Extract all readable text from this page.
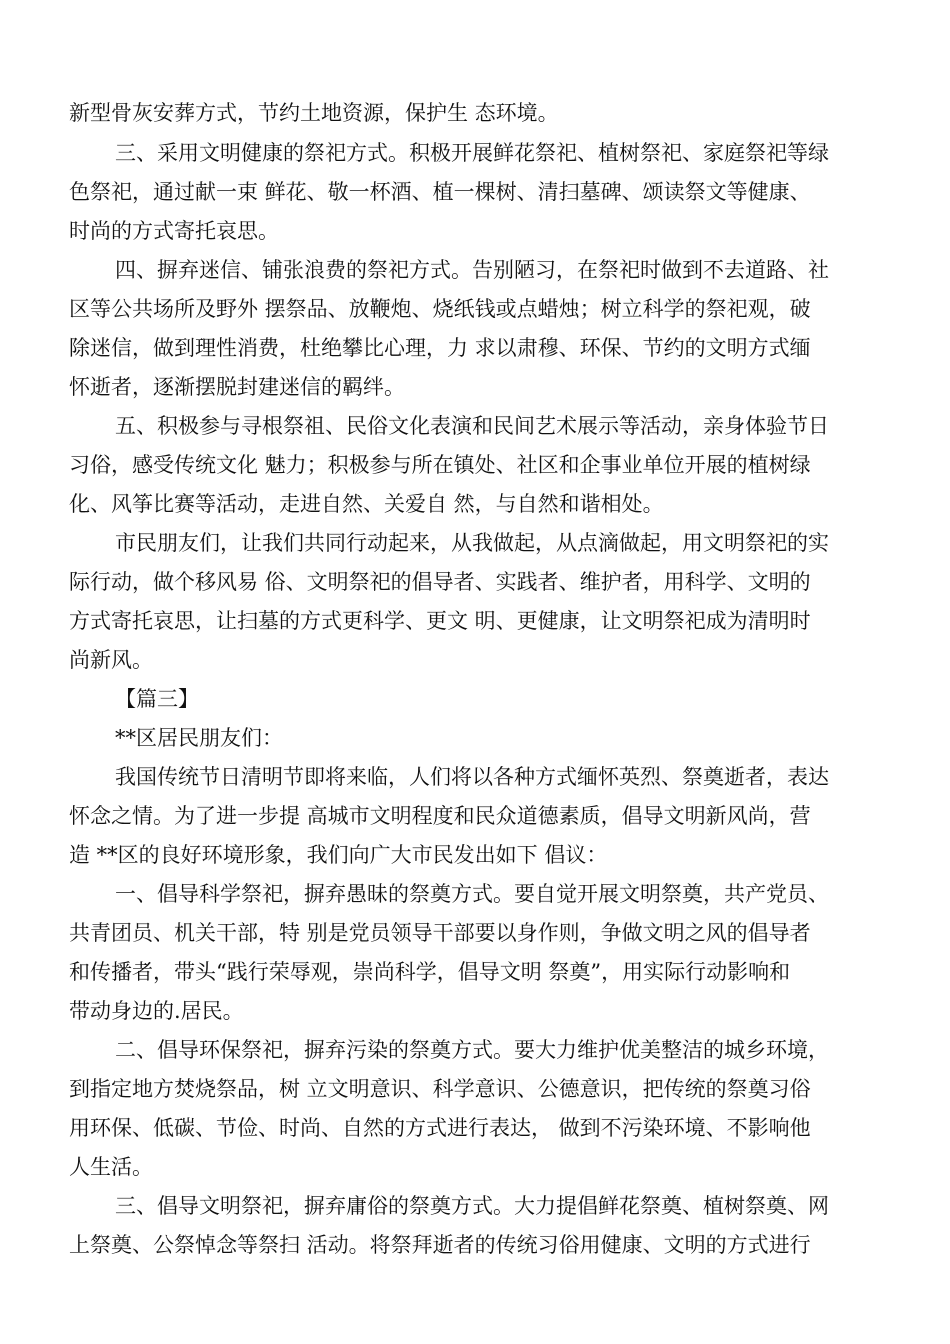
新型骨灰安葬方式，节约土地资源，保护生 态环境。

三、采用文明健康的祭祀方式。积极开展鲜花祭祀、植树祭祀、家庭祭祀等绿

色祭祀，通过献一束 鲜花、敬一杯酒、植一棵树、清扫墓碑、颂读祭文等健康、

时尚的方式寄托哀思。

四、摒弃迷信、铺张浪费的祭祀方式。告别陋习，在祭祀时做到不去道路、社

区等公共场所及野外 摆祭品、放鞭炮、烧纸钱或点蜡烛；树立科学的祭祀观，破

除迷信，做到理性消费，杜绝攀比心理，力 求以肃穆、环保、节约的文明方式缅

怀逝者，逐渐摆脱封建迷信的羁绊。

五、积极参与寻根祭祖、民俗文化表演和民间艺术展示等活动，亲身体验节日

习俗，感受传统文化 魅力；积极参与所在镇处、社区和企事业单位开展的植树绿

化、风筝比赛等活动，走进自然、关爱自 然，与自然和谐相处。

市民朋友们，让我们共同行动起来，从我做起，从点滴做起，用文明祭祀的实

际行动，做个移风易 俗、文明祭祀的倡导者、实践者、维护者，用科学、文明的

方式寄托哀思，让扫墓的方式更科学、更文 明、更健康，让文明祭祀成为清明时

尚新风。

【篇三】

**区居民朋友们：

我国传统节日清明节即将来临，人们将以各种方式缅怀英烈、祭奠逝者，表达

怀念之情。为了进一步提 高城市文明程度和民众道德素质，倡导文明新风尚，营

造 **区的良好环境形象，我们向广大市民发出如下 倡议：

一、倡导科学祭祀，摒弃愚昧的祭奠方式。要自觉开展文明祭奠，共产党员、

共青团员、机关干部，特 别是党员领导干部要以身作则，争做文明之风的倡导者

和传播者，带头“践行荣辱观，崇尚科学，倡导文明 祭奠”，用实际行动影响和

带动身边的.居民。

二、倡导环保祭祀，摒弃污染的祭奠方式。要大力维护优美整洁的城乡环境，

到指定地方焚烧祭品，树 立文明意识、科学意识、公德意识，把传统的祭奠习俗

用环保、低碳、节俭、时尚、自然的方式进行表达， 做到不污染环境、不影响他

人生活。

三、倡导文明祭祀，摒弃庸俗的祭奠方式。大力提倡鲜花祭奠、植树祭奠、网

上祭奠、公祭悼念等祭扫 活动。将祭拜逝者的传统习俗用健康、文明的方式进行
